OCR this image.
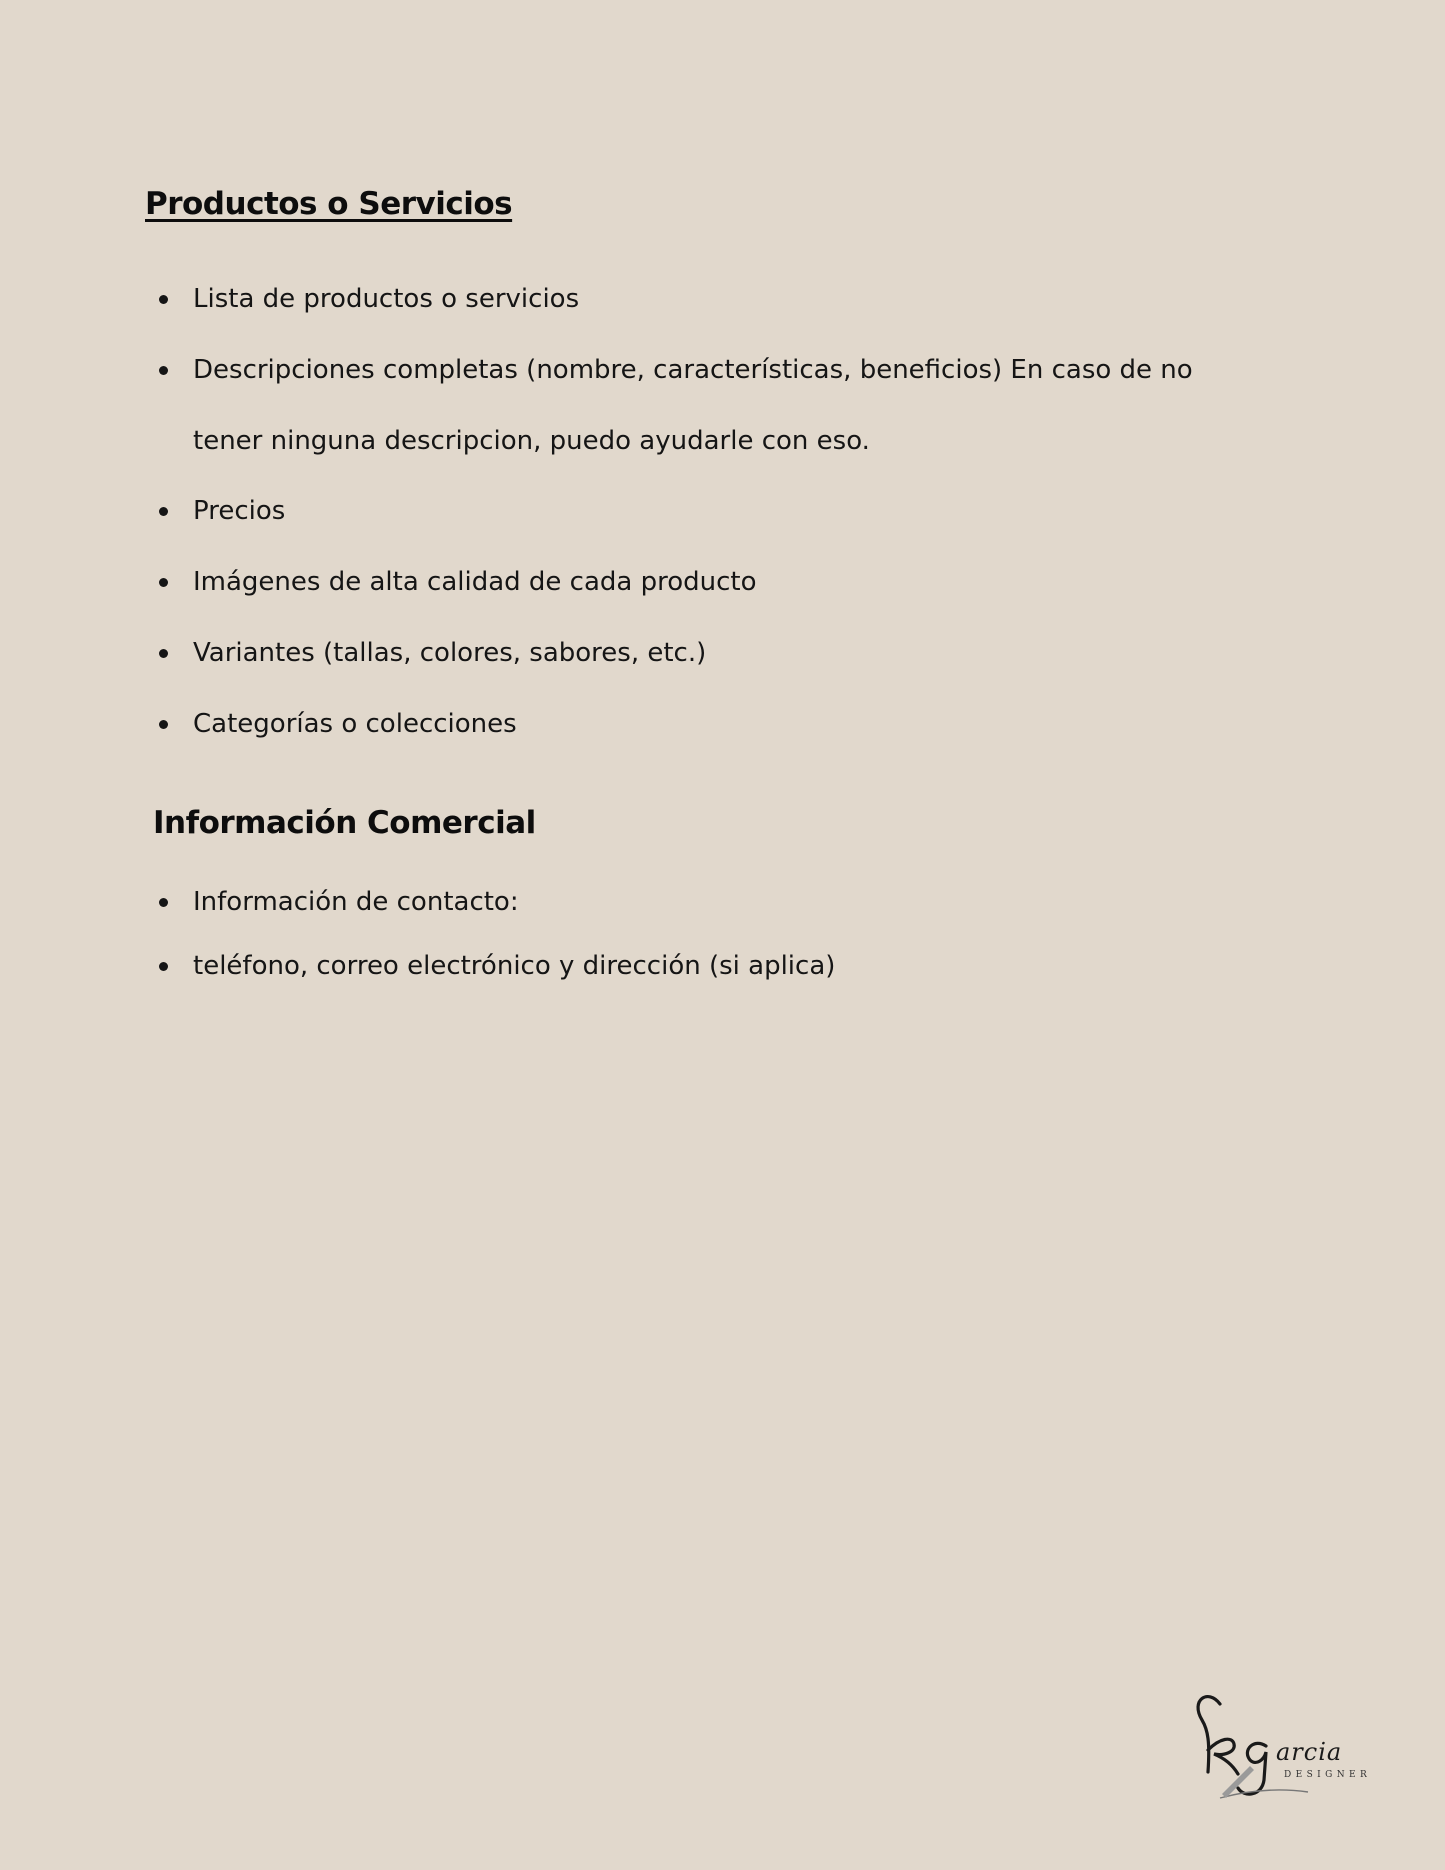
Productos o Servicios
Lista de productos o servicios
Descripciones completas (nombre, características, beneficios) En caso de no
tener ninguna descripcion, puedo ayudarle con eso.
Precios
Imágenes de alta calidad de cada producto
Variantes (tallas, colores, sabores, etc.)
Categorías o colecciones
Información Comercial
Información de contacto:
teléfono, correo electrónico y dirección (si aplica)
arcia
DESIGNER
